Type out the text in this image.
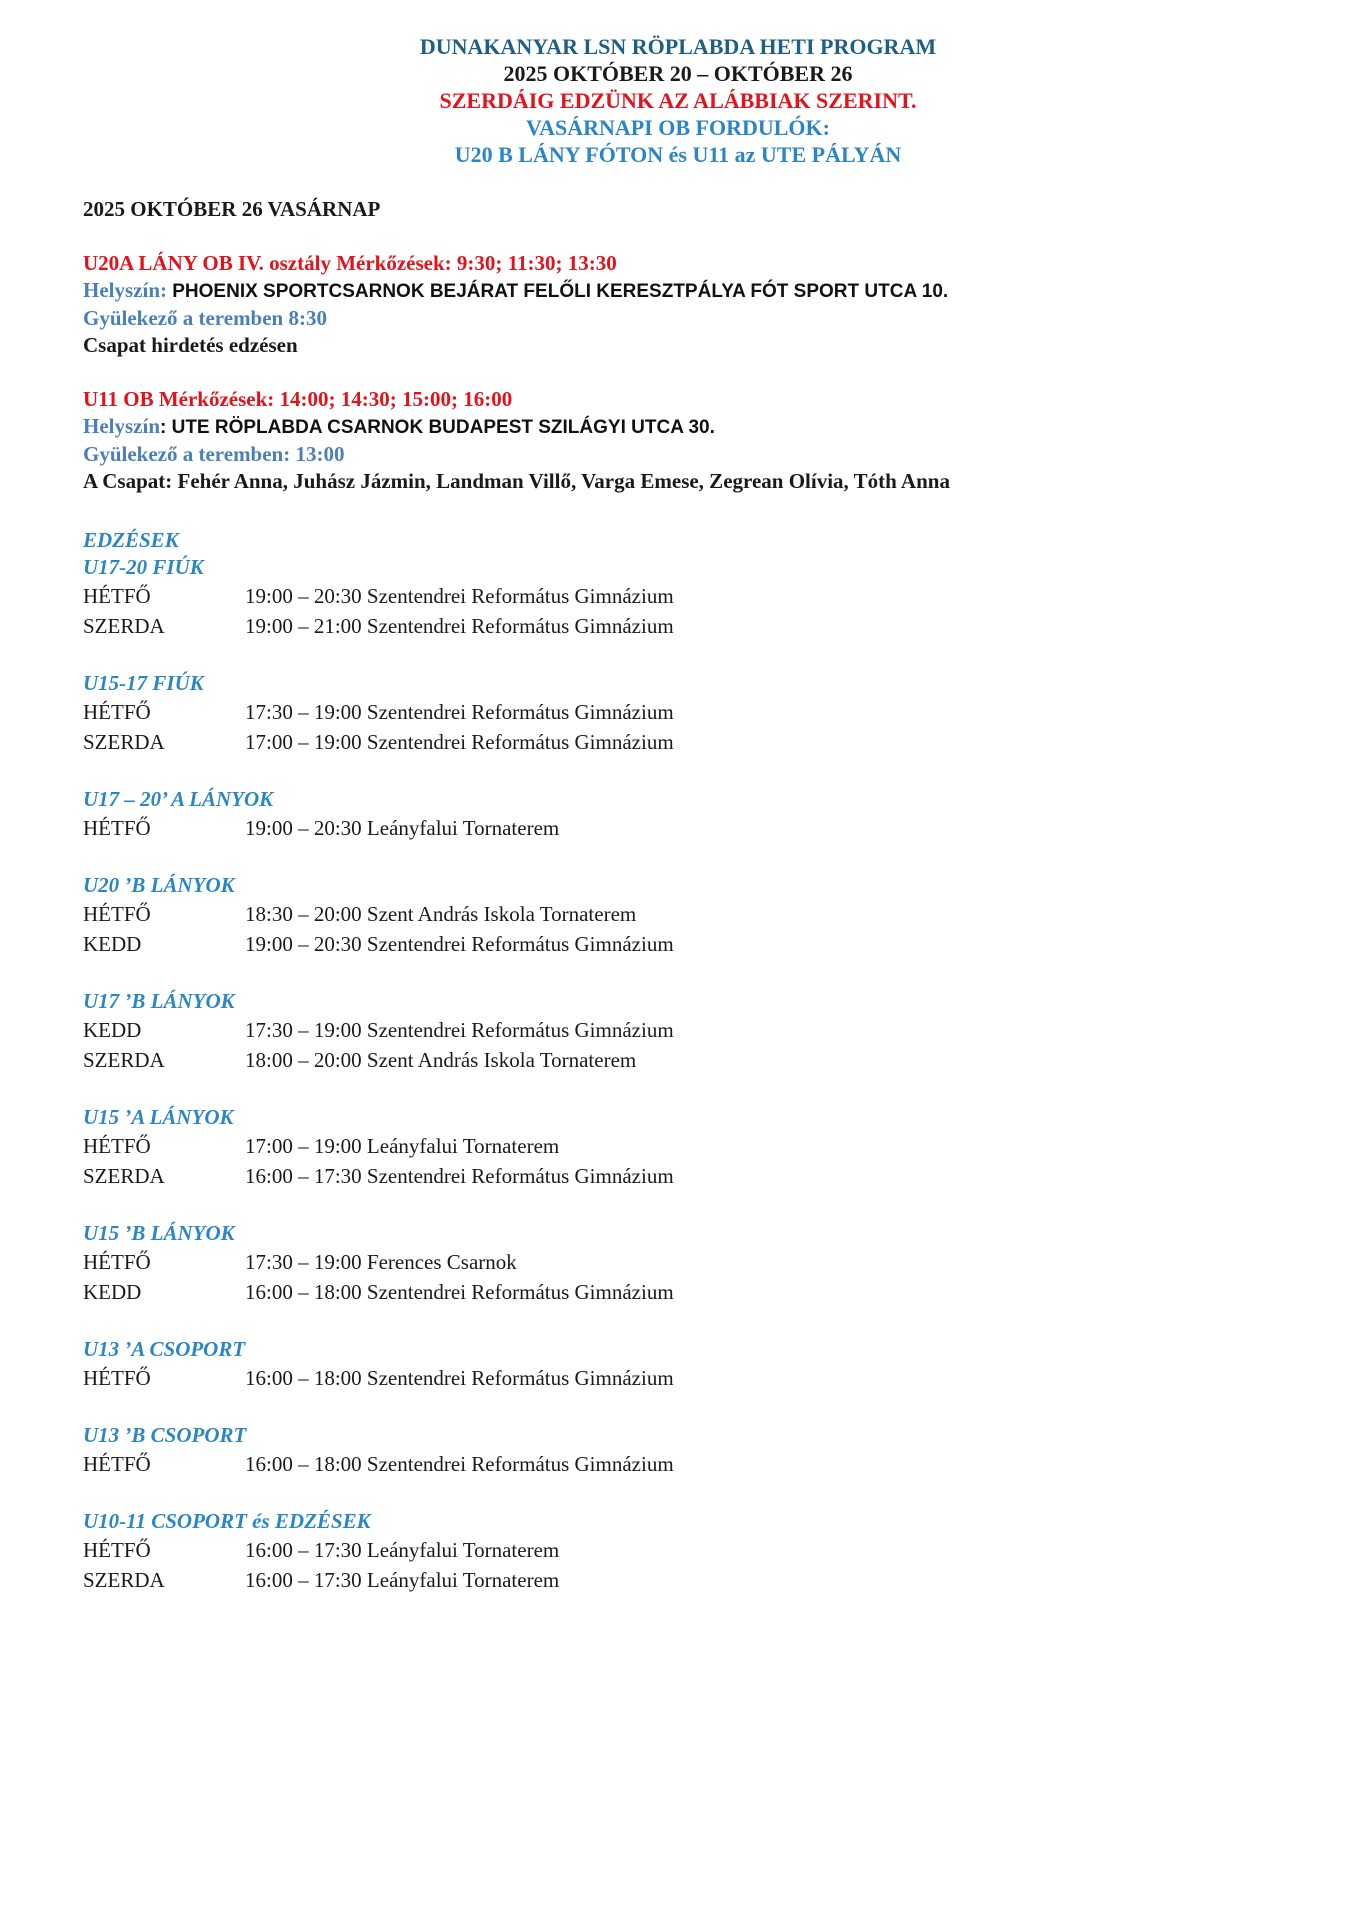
DUNAKANYAR LSN RÖPLABDA HETI PROGRAM
2025 OKTÓBER 20 – OKTÓBER 26
SZERDÁIG EDZÜNK AZ ALÁBBIAK SZERINT.
VASÁRNAPI OB FORDULÓK:
U20 B LÁNY FÓTON és U11 az UTE PÁLYÁN
2025 OKTÓBER 26 VASÁRNAP
U20A LÁNY OB IV. osztály Mérkőzések: 9:30; 11:30; 13:30
Helyszín: PHOENIX SPORTCSARNOK BEJÁRAT FELŐLI KERESZTPÁLYA FÓT SPORT UTCA 10.
Gyülekező a teremben 8:30
Csapat hirdetés edzésen
U11 OB Mérkőzések: 14:00; 14:30; 15:00; 16:00
Helyszín: UTE RÖPLABDA CSARNOK BUDAPEST SZILÁGYI UTCA 30.
Gyülekező a teremben: 13:00
A Csapat: Fehér Anna, Juhász Jázmin, Landman Villő, Varga Emese, Zegrean Olívia, Tóth Anna
EDZÉSEK
U17-20 FIÚK
HÉTFŐ	19:00 – 20:30 Szentendrei Református Gimnázium
SZERDA	19:00 – 21:00 Szentendrei Református Gimnázium
U15-17 FIÚK
HÉTFŐ	17:30 – 19:00 Szentendrei Református Gimnázium
SZERDA	17:00 – 19:00 Szentendrei Református Gimnázium
U17 – 20’ A LÁNYOK
HÉTFŐ	19:00 – 20:30 Leányfalui Tornaterem
U20 ’B LÁNYOK
HÉTFŐ	18:30 – 20:00 Szent András Iskola Tornaterem
KEDD	19:00 – 20:30 Szentendrei Református Gimnázium
U17 ’B LÁNYOK
KEDD	17:30 – 19:00 Szentendrei Református Gimnázium
SZERDA	18:00 – 20:00 Szent András Iskola Tornaterem
U15 ’A LÁNYOK
HÉTFŐ	17:00 – 19:00 Leányfalui Tornaterem
SZERDA	16:00 – 17:30 Szentendrei Református Gimnázium
U15 ’B LÁNYOK
HÉTFŐ	17:30 – 19:00 Ferences Csarnok
KEDD	16:00 – 18:00 Szentendrei Református Gimnázium
U13 ’A CSOPORT
HÉTFŐ	16:00 – 18:00 Szentendrei Református Gimnázium
U13 ’B CSOPORT
HÉTFŐ	16:00 – 18:00 Szentendrei Református Gimnázium
U10-11 CSOPORT és EDZÉSEK
HÉTFŐ	16:00 – 17:30 Leányfalui Tornaterem
SZERDA	16:00 – 17:30 Leányfalui Tornaterem
